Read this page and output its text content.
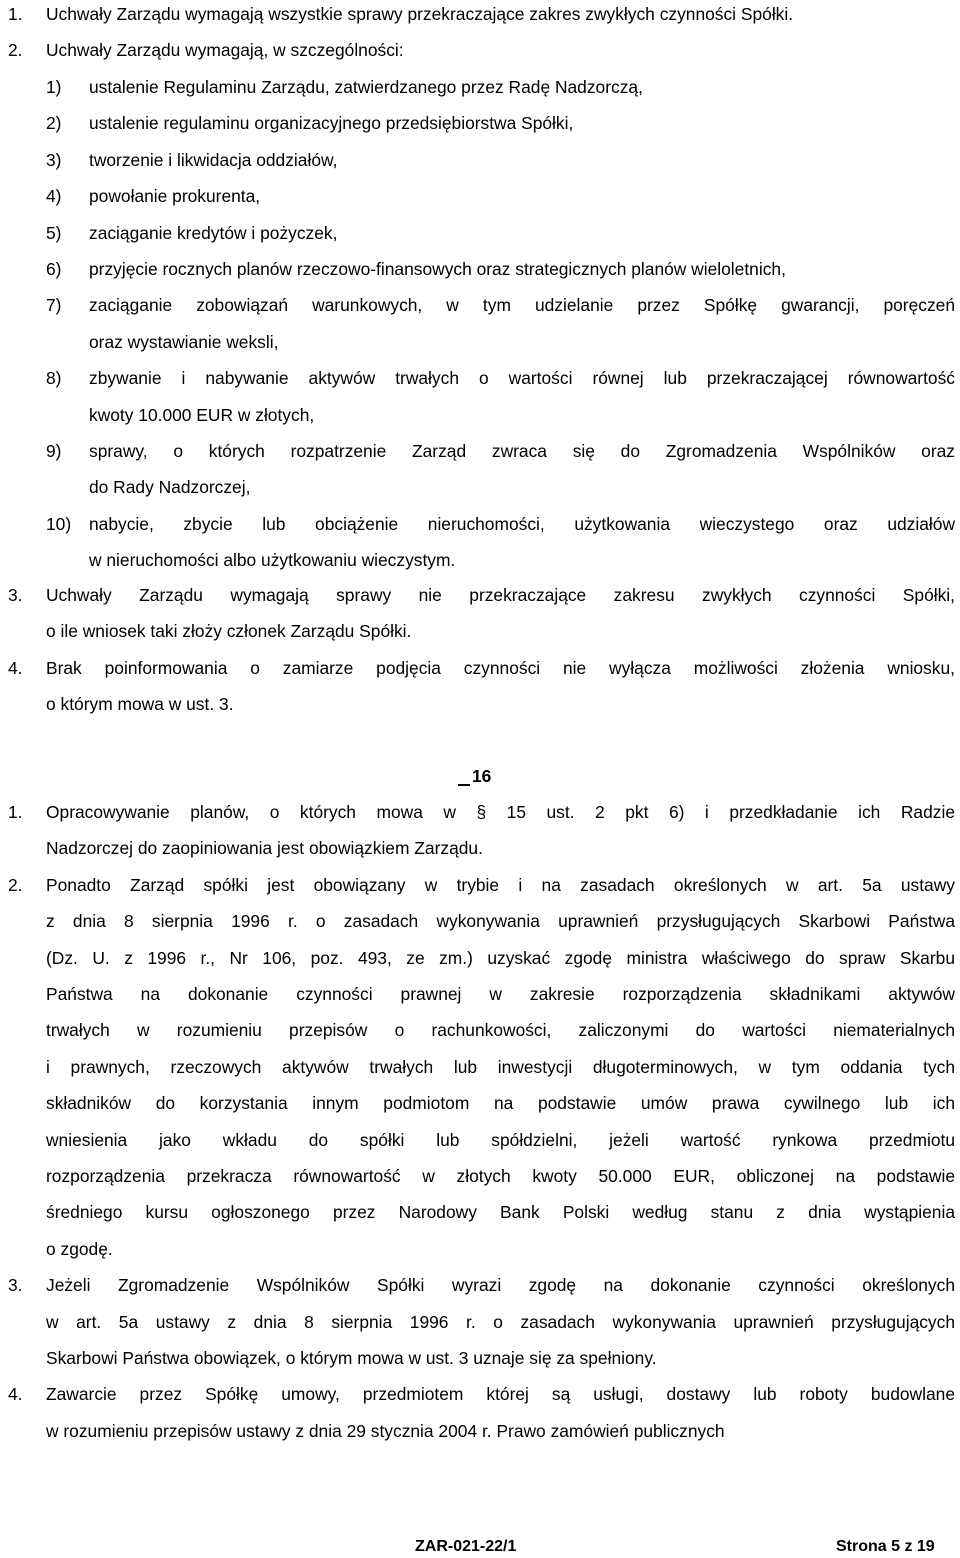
1. Uchwały Zarządu wymagają wszystkie sprawy przekraczające zakres zwykłych czynności Spółki.
2. Uchwały Zarządu wymagają, w szczególności:
1) ustalenie Regulaminu Zarządu, zatwierdzanego przez Radę Nadzorczą,
2) ustalenie regulaminu organizacyjnego przedsiębiorstwa Spółki,
3) tworzenie i likwidacja oddziałów,
4) powołanie prokurenta,
5) zaciąganie kredytów i pożyczek,
6) przyjęcie rocznych planów rzeczowo-finansowych oraz strategicznych planów wieloletnich,
7) zaciąganie zobowiązań warunkowych, w tym udzielanie przez Spółkę gwarancji, poręczeń
oraz wystawianie weksli,
8) zbywanie i nabywanie aktywów trwałych o wartości równej lub przekraczającej równowartość
kwoty 10.000 EUR w złotych,
9) sprawy, o których rozpatrzenie Zarząd zwraca się do Zgromadzenia Wspólników oraz
do Rady Nadzorczej,
10) nabycie, zbycie lub obciążenie nieruchomości, użytkowania wieczystego oraz udziałów
w nieruchomości albo użytkowaniu wieczystym.
3. Uchwały Zarządu wymagają sprawy nie przekraczające zakresu zwykłych czynności Spółki,
o ile wniosek taki złoży członek Zarządu Spółki.
4. Brak poinformowania o zamiarze podjęcia czynności nie wyłącza możliwości złożenia wniosku,
o którym mowa w ust. 3.
1. Opracowywanie planów, o których mowa w § 15 ust. 2 pkt 6) i przedkładanie ich Radzie
Nadzorczej do zaopiniowania jest obowiązkiem Zarządu.
2. Ponadto Zarząd spółki jest obowiązany w trybie i na zasadach określonych w art. 5a ustawy
z dnia 8 sierpnia 1996 r. o zasadach wykonywania uprawnień przysługujących Skarbowi Państwa
(Dz. U. z 1996 r., Nr 106, poz. 493, ze zm.) uzyskać zgodę ministra właściwego do spraw Skarbu
Państwa na dokonanie czynności prawnej w zakresie rozporządzenia składnikami aktywów
trwałych w rozumieniu przepisów o rachunkowości, zaliczonymi do wartości niematerialnych
i prawnych, rzeczowych aktywów trwałych lub inwestycji długoterminowych, w tym oddania tych
składników do korzystania innym podmiotom na podstawie umów prawa cywilnego lub ich
wniesienia jako wkładu do spółki lub spółdzielni, jeżeli wartość rynkowa przedmiotu
rozporządzenia przekracza równowartość w złotych kwoty 50.000 EUR, obliczonej na podstawie
średniego kursu ogłoszonego przez Narodowy Bank Polski według stanu z dnia wystąpienia
o zgodę.
3. Jeżeli Zgromadzenie Wspólników Spółki wyrazi zgodę na dokonanie czynności określonych
w art. 5a ustawy z dnia 8 sierpnia 1996 r. o zasadach wykonywania uprawnień przysługujących
Skarbowi Państwa obowiązek, o którym mowa w ust. 3 uznaje się za spełniony.
4. Zawarcie przez Spółkę umowy, przedmiotem której są usługi, dostawy lub roboty budowlane
w rozumieniu przepisów ustawy z dnia 29 stycznia 2004 r. Prawo zamówień publicznych
16
ZAR-021-22/1	Strona 5 z 19
